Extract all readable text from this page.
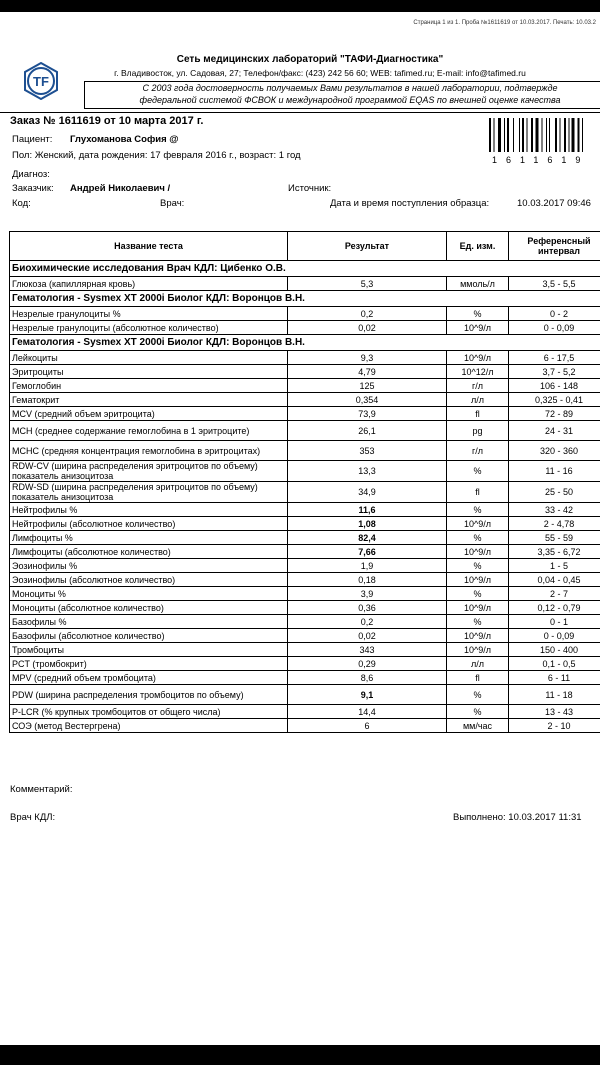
Страница 1 из 1. Проба №1611619 от 10.03.2017. Печать: 10.03.2
TF
Сеть медицинских лабораторий "ТАФИ-Диагностика"
г. Владивосток, ул. Садовая, 27; Телефон/факс: (423) 242 56 60; WEB: tafimed.ru; E-mail: info@tafimed.ru
С 2003 года достоверность получаемых Вами результатов в нашей лаборатории, подтвержде
федеральной системой ФСВОК и международной программой EQAS по внешней оценке качества
Заказ № 1611619 от 10 марта 2017 г.
1611619
Пациент: Глухоманова София @
Пол: Женский, дата рождения: 17 февраля 2016 г., возраст: 1 год
Диагноз:
Заказчик: Андрей Николаевич /	Источник:
Код:	Врач:	Дата и время поступления образца:	10.03.2017 09:46
Название теста	Результат	Ед. изм.	Референсный интервал
Биохимические исследования Врач КДЛ: Цибенко О.В.			
Глюкоза (капиллярная кровь)	5,3	ммоль/л	3,5 - 5,5
Гематология - Sysmex XT 2000i Биолог КДЛ: Воронцов В.Н.			
Незрелые гранулоциты %	0,2	%	0 - 2
Незрелые гранулоциты (абсолютное количество)	0,02	10^9/л	0 - 0,09
Гематология - Sysmex XT 2000i Биолог КДЛ: Воронцов В.Н.			
Лейкоциты	9,3	10^9/л	6 - 17,5
Эритроциты	4,79	10^12/л	3,7 - 5,2
Гемоглобин	125	г/л	106 - 148
Гематокрит	0,354	л/л	0,325 - 0,41
MCV (средний объем эритроцита)	73,9	fl	72 - 89
MCH (среднее содержание гемоглобина в 1 эритроците)	26,1	pg	24 - 31
MCHC (средняя концентрация гемоглобина в эритроцитах)	353	г/л	320 - 360
RDW-CV (ширина распределения эритроцитов по объему) показатель анизоцитоза	13,3	%	11 - 16
RDW-SD (ширина распределения эритроцитов по объему) показатель анизоцитоза	34,9	fl	25 - 50
Нейтрофилы %	11,6	%	33 - 42
Нейтрофилы (абсолютное количество)	1,08	10^9/л	2 - 4,78
Лимфоциты %	82,4	%	55 - 59
Лимфоциты (абсолютное количество)	7,66	10^9/л	3,35 - 6,72
Эозинофилы %	1,9	%	1 - 5
Эозинофилы (абсолютное количество)	0,18	10^9/л	0,04 - 0,45
Моноциты %	3,9	%	2 - 7
Моноциты (абсолютное количество)	0,36	10^9/л	0,12 - 0,79
Базофилы %	0,2	%	0 - 1
Базофилы (абсолютное количество)	0,02	10^9/л	0 - 0,09
Тромбоциты	343	10^9/л	150 - 400
PCT (тромбокрит)	0,29	л/л	0,1 - 0,5
MPV (средний объем тромбоцита)	8,6	fl	6 - 11
PDW (ширина распределения тромбоцитов по объему)	9,1	%	11 - 18
P-LCR (% крупных тромбоцитов от общего числа)	14,4	%	13 - 43
СОЭ (метод Вестергрена)	6	мм/час	2 - 10
Комментарий:
Врач КДЛ:	Выполнено: 10.03.2017 11:31
